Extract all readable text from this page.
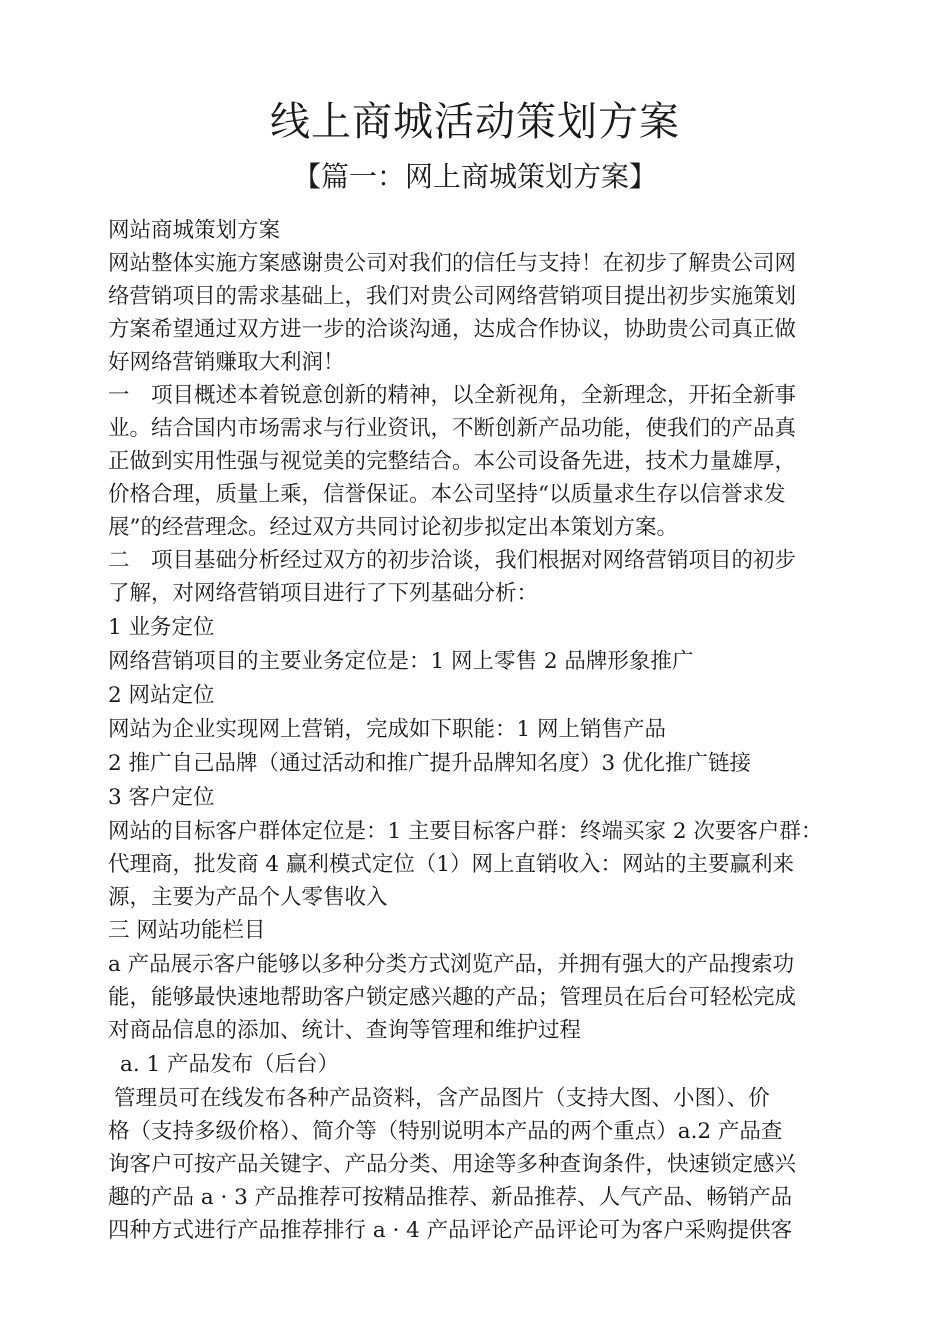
线上商城活动策划方案
【篇一：网上商城策划方案】
网站商城策划方案
网站整体实施方案感谢贵公司对我们的信任与支持！在初步了解贵公司网
络营销项目的需求基础上，我们对贵公司网络营销项目提出初步实施策划
方案希望通过双方进一步的洽谈沟通，达成合作协议，协助贵公司真正做
好网络营销赚取大利润！
一　项目概述本着锐意创新的精神，以全新视角，全新理念，开拓全新事
业。结合国内市场需求与行业资讯，不断创新产品功能，使我们的产品真
正做到实用性强与视觉美的完整结合。本公司设备先进，技术力量雄厚，
价格合理，质量上乘，信誉保证。本公司坚持“以质量求生存以信誉求发
展”的经营理念。经过双方共同讨论初步拟定出本策划方案。
二　项目基础分析经过双方的初步洽谈，我们根据对网络营销项目的初步
了解，对网络营销项目进行了下列基础分析：
1 业务定位
网络营销项目的主要业务定位是：1 网上零售 2 品牌形象推广
2 网站定位
网站为企业实现网上营销，完成如下职能：1 网上销售产品
2 推广自己品牌（通过活动和推广提升品牌知名度）3 优化推广链接
3 客户定位
网站的目标客户群体定位是：1 主要目标客户群：终端买家 2 次要客户群：
代理商，批发商 4 赢利模式定位（1）网上直销收入：网站的主要赢利来
源，主要为产品个人零售收入
三 网站功能栏目
a 产品展示客户能够以多种分类方式浏览产品，并拥有强大的产品搜索功
能，能够最快速地帮助客户锁定感兴趣的产品；管理员在后台可轻松完成
对商品信息的添加、统计、查询等管理和维护过程
a. 1 产品发布（后台）
管理员可在线发布各种产品资料，含产品图片（支持大图、小图）、价
格（支持多级价格）、简介等（特别说明本产品的两个重点）a.2 产品查
询客户可按产品关键字、产品分类、用途等多种查询条件，快速锁定感兴
趣的产品 a · 3 产品推荐可按精品推荐、新品推荐、人气产品、畅销产品
四种方式进行产品推荐排行 a · 4 产品评论产品评论可为客户采购提供客
